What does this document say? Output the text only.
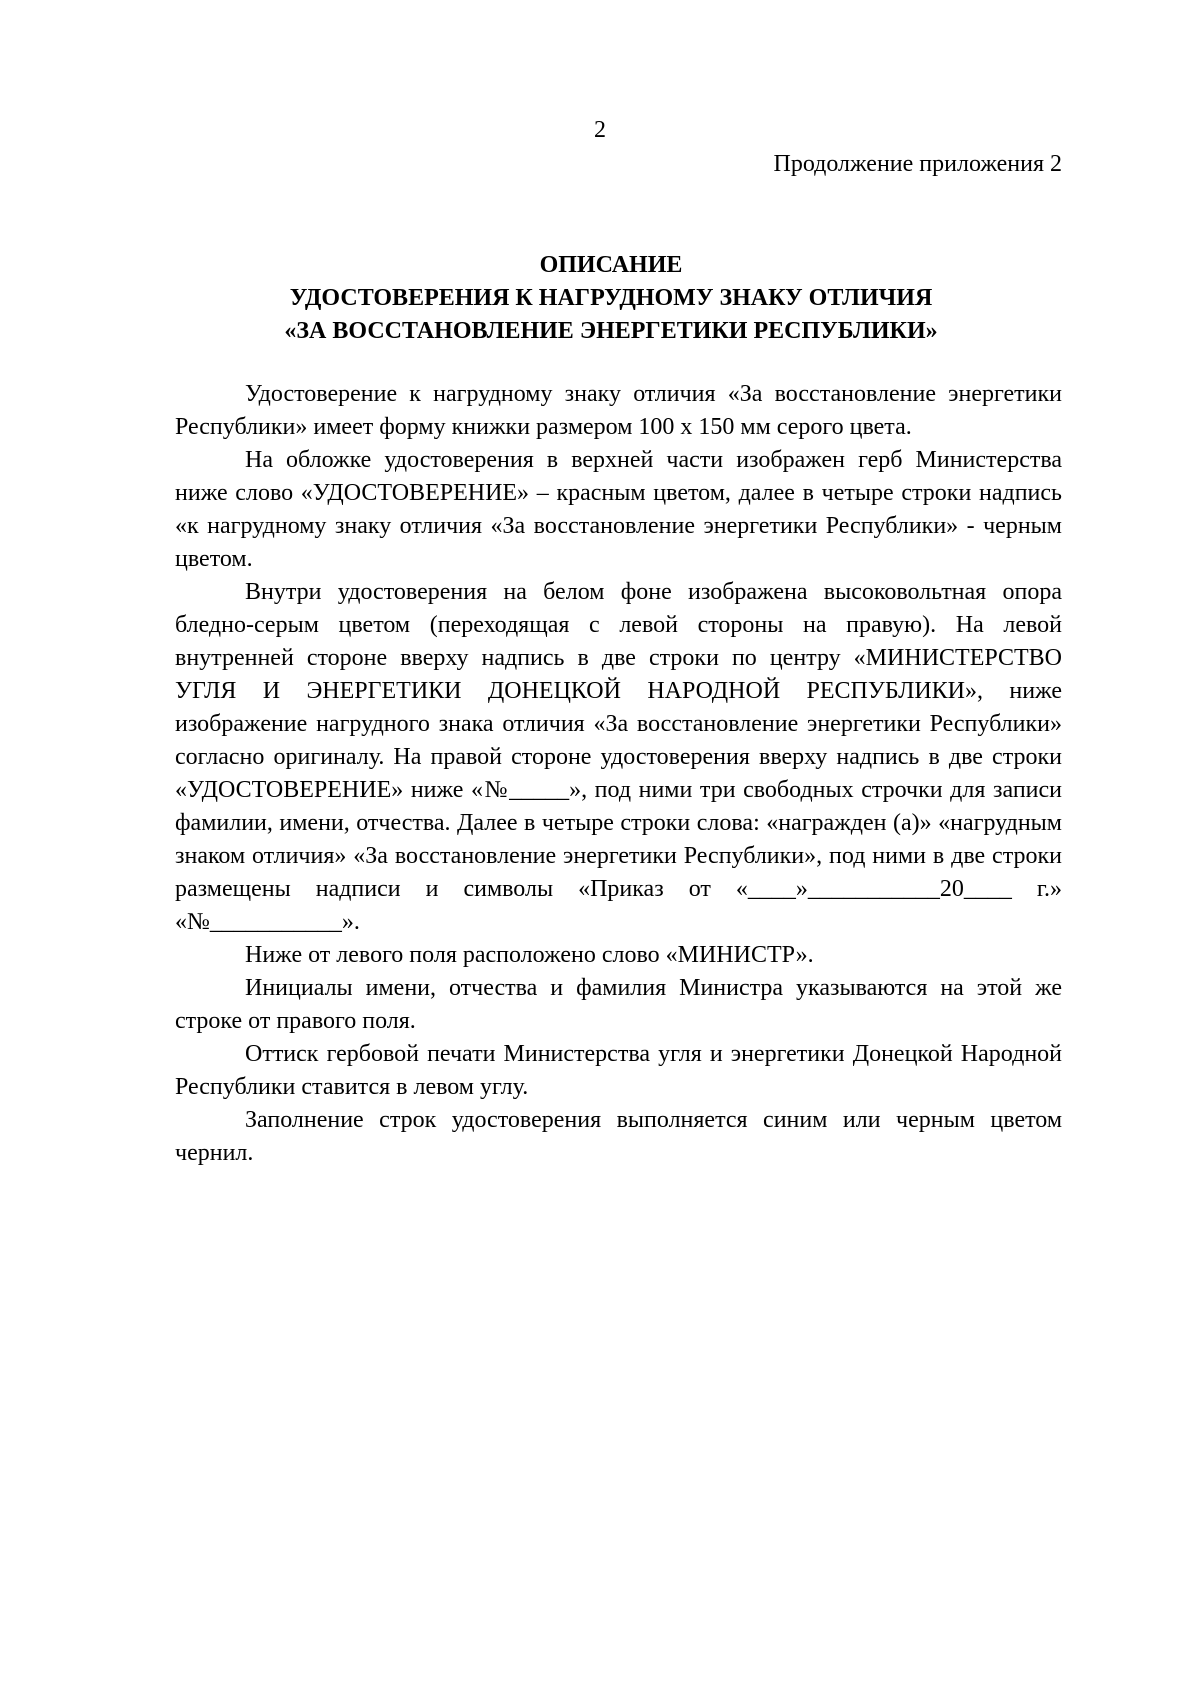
2
Продолжение приложения 2
ОПИСАНИЕ
УДОСТОВЕРЕНИЯ К НАГРУДНОМУ ЗНАКУ ОТЛИЧИЯ
«ЗА ВОССТАНОВЛЕНИЕ ЭНЕРГЕТИКИ РЕСПУБЛИКИ»

Удостоверение к нагрудному знаку отличия «За восстановление энергетики Республики» имеет форму книжки размером 100 х 150 мм серого цвета.

На обложке удостоверения в верхней части изображен герб Министерства ниже слово «УДОСТОВЕРЕНИЕ» – красным цветом, далее в четыре строки надпись «к нагрудному знаку отличия «За восстановление энергетики Республики» - черным цветом.

Внутри удостоверения на белом фоне изображена высоковольтная опора бледно-серым цветом (переходящая с левой стороны на правую). На левой внутренней стороне вверху надпись в две строки по центру «МИНИСТЕРСТВО УГЛЯ И ЭНЕРГЕТИКИ ДОНЕЦКОЙ НАРОДНОЙ РЕСПУБЛИКИ», ниже изображение нагрудного знака отличия «За восстановление энергетики Республики» согласно оригиналу. На правой стороне удостоверения вверху надпись в две строки «УДОСТОВЕРЕНИЕ» ниже «№_____», под ними три свободных строчки для записи фамилии, имени, отчества. Далее в четыре строки слова: «награжден (а)» «нагрудным знаком отличия» «За восстановление энергетики Республики», под ними в две строки размещены надписи и символы «Приказ от «____»___________20____ г.» «№___________».

Ниже от левого поля расположено слово «МИНИСТР».

Инициалы имени, отчества и фамилия Министра указываются на этой же строке от правого поля.

Оттиск гербовой печати Министерства угля и энергетики Донецкой Народной Республики ставится в левом углу.

Заполнение строк удостоверения выполняется синим или черным цветом чернил.
